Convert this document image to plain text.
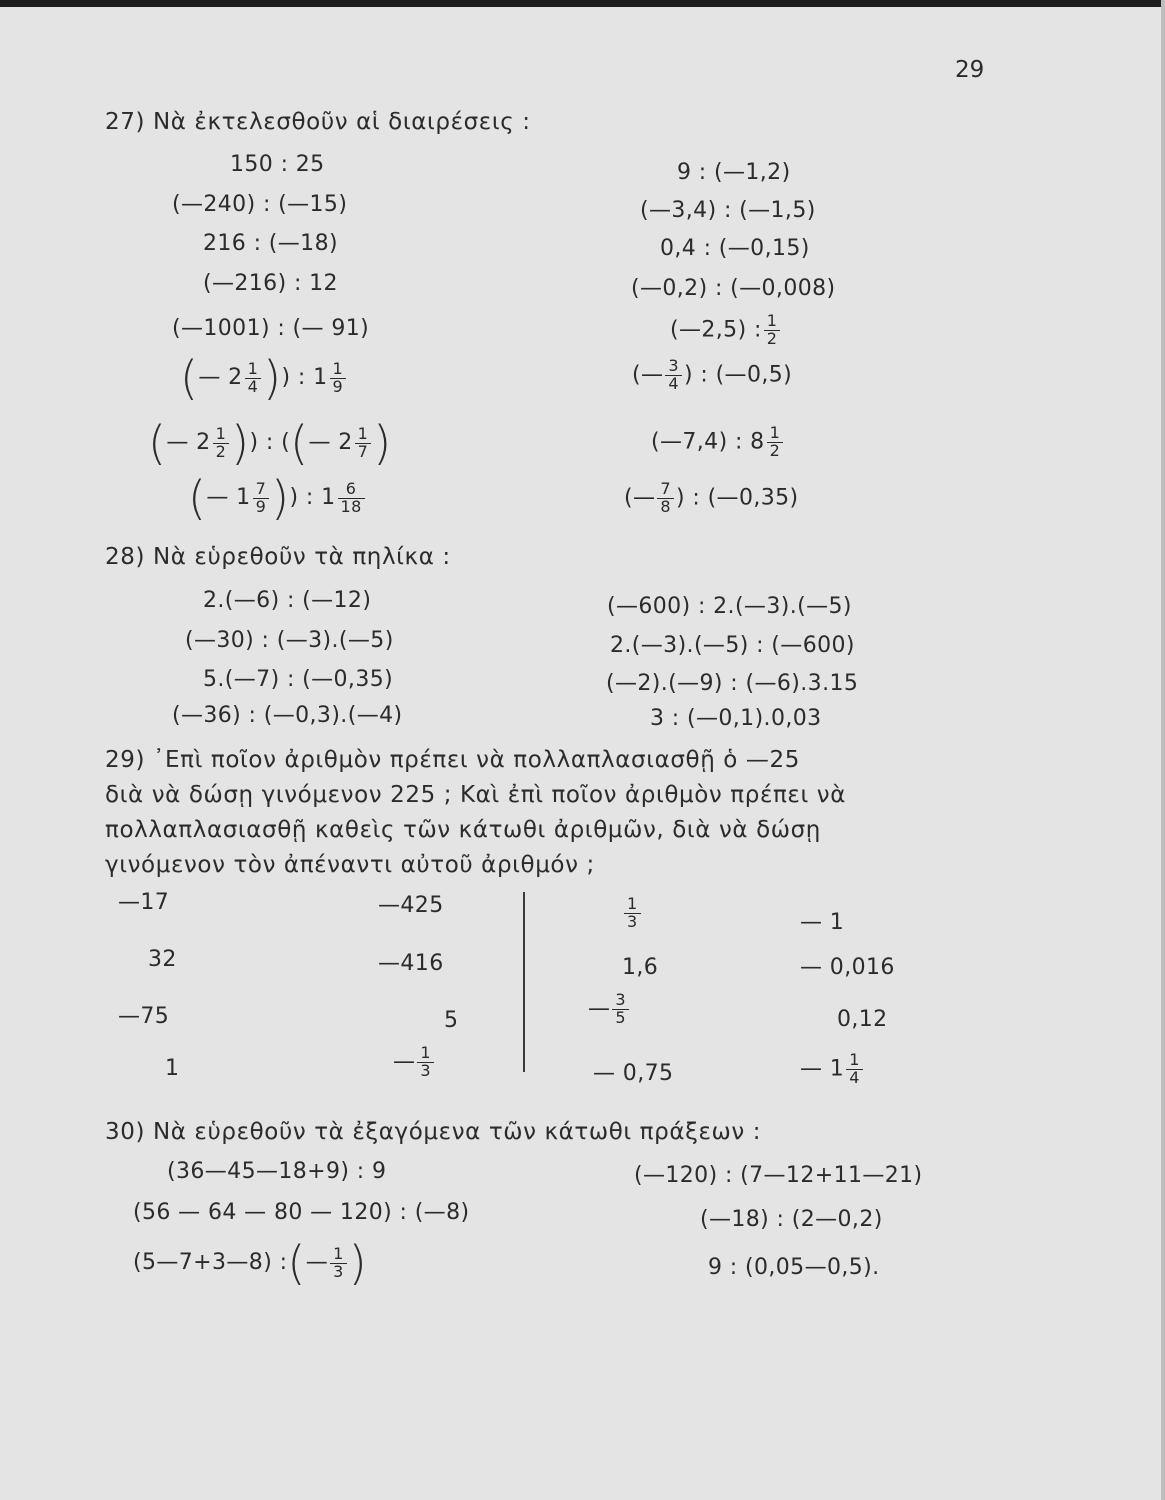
29
27) Νὰ ἐκτελεσθοῦν αἱ διαιρέσεις :
150 : 25
(—240) : (—15)
216 : (—18)
(—216) : 12
(—1001) : (— 91)
(— $2 \frac{1}{4}$ )) : $1 \frac{1}{9}$
(— $2 \frac{1}{2}$ )) : ((— $2 \frac{1}{7}$ )
(— $1 \frac{7}{9}$ )) : $1 \frac{6}{18}$
9 : (—1,2)
(—3,4) : (—1,5)
0,4 : (—0,15)
(—0,2) : (—0,008)
(—2,5) : $\frac{1}{2}$
(— $\frac{3}{4}$ ) : (—0,5)
(—7,4) : $8 \frac{1}{2}$
(— $\frac{7}{8}$ ) : (—0,35)
28) Νὰ εὑρεθοῦν τὰ πηλίκα :
2.(—6) : (—12)
(—30) : (—3).(—5)
5.(—7) : (—0,35)
(—36) : (—0,3).(—4)
(—600) : 2.(—3).(—5)
2.(—3).(—5) : (—600)
(—2).(—9) : (—6).3.15
3 : (—0,1).0,03
29) ᾿Επὶ ποῖον ἀριθμὸν πρέπει νὰ πολλαπλασιασθῇ ὁ —25
διὰ νὰ δώσῃ γινόμενον 225 ; Καὶ ἐπὶ ποῖον ἀριθμὸν πρέπει νὰ
πολλαπλασιασθῇ καθεὶς τῶν κάτωθι ἀριθμῶν, διὰ νὰ δώσῃ
γινόμενον τὸν ἀπέναντι αὐτοῦ ἀριθμόν ;
—17
32
—75
1
—425
—416
5
— $\frac{1}{3}$
$\frac{1}{3}$
1,6
— $\frac{3}{5}$
— 0,75
— 1
— 0,016
0,12
— $1 \frac{1}{4}$
30) Νὰ εὑρεθοῦν τὰ ἐξαγόμενα τῶν κάτωθι πράξεων :
(36—45—18+9) : 9
(56 — 64 — 80 — 120) : (—8)
(5—7+3—8) :(— $\frac{1}{3}$ )
(—120) : (7—12+11—21)
(—18) : (2—0,2)
9 : (0,05—0,5).
